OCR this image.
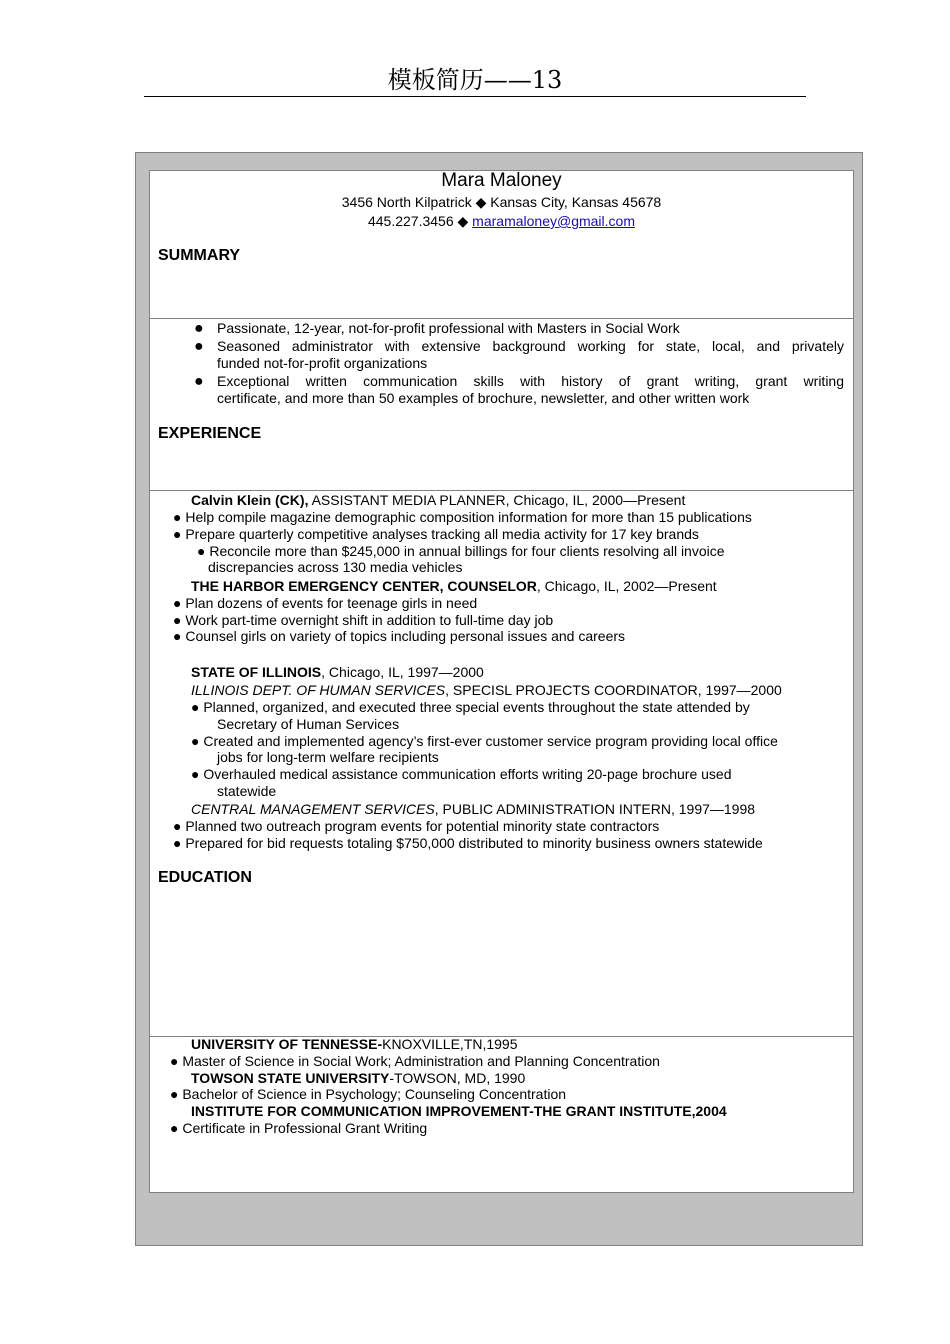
模板简历——13
Mara Maloney
3456 North Kilpatrick ◆ Kansas City, Kansas 45678
445.227.3456 ◆ maramaloney@gmail.com
SUMMARY
● Passionate, 12-year, not-for-profit professional with Masters in Social Work
● Seasoned administrator with extensive background working for state, local, and privately
funded not-for-profit organizations
● Exceptional written communication skills with history of grant writing, grant writing
certificate, and more than 50 examples of brochure, newsletter, and other written work
EXPERIENCE
Calvin Klein (CK), ASSISTANT MEDIA PLANNER, Chicago, IL, 2000—Present
● Help compile magazine demographic composition information for more than 15 publications
● Prepare quarterly competitive analyses tracking all media activity for 17 key brands
● Reconcile more than $245,000 in annual billings for four clients resolving all invoice
discrepancies across 130 media vehicles
THE HARBOR EMERGENCY CENTER, COUNSELOR, Chicago, IL, 2002—Present
● Plan dozens of events for teenage girls in need
● Work part-time overnight shift in addition to full-time day job
● Counsel girls on variety of topics including personal issues and careers
STATE OF ILLINOIS, Chicago, IL, 1997—2000
ILLINOIS DEPT. OF HUMAN SERVICES, SPECISL PROJECTS COORDINATOR, 1997—2000
● Planned, organized, and executed three special events throughout the state attended by
Secretary of Human Services
● Created and implemented agency’s first-ever customer service program providing local office
jobs for long-term welfare recipients
● Overhauled medical assistance communication efforts writing 20-page brochure used
statewide
CENTRAL MANAGEMENT SERVICES, PUBLIC ADMINISTRATION INTERN, 1997—1998
● Planned two outreach program events for potential minority state contractors
● Prepared for bid requests totaling $750,000 distributed to minority business owners statewide
EDUCATION
UNIVERSITY OF TENNESSE-KNOXVILLE,TN,1995
● Master of Science in Social Work; Administration and Planning Concentration
TOWSON STATE UNIVERSITY-TOWSON, MD, 1990
● Bachelor of Science in Psychology; Counseling Concentration
INSTITUTE FOR COMMUNICATION IMPROVEMENT-THE GRANT INSTITUTE,2004
● Certificate in Professional Grant Writing
